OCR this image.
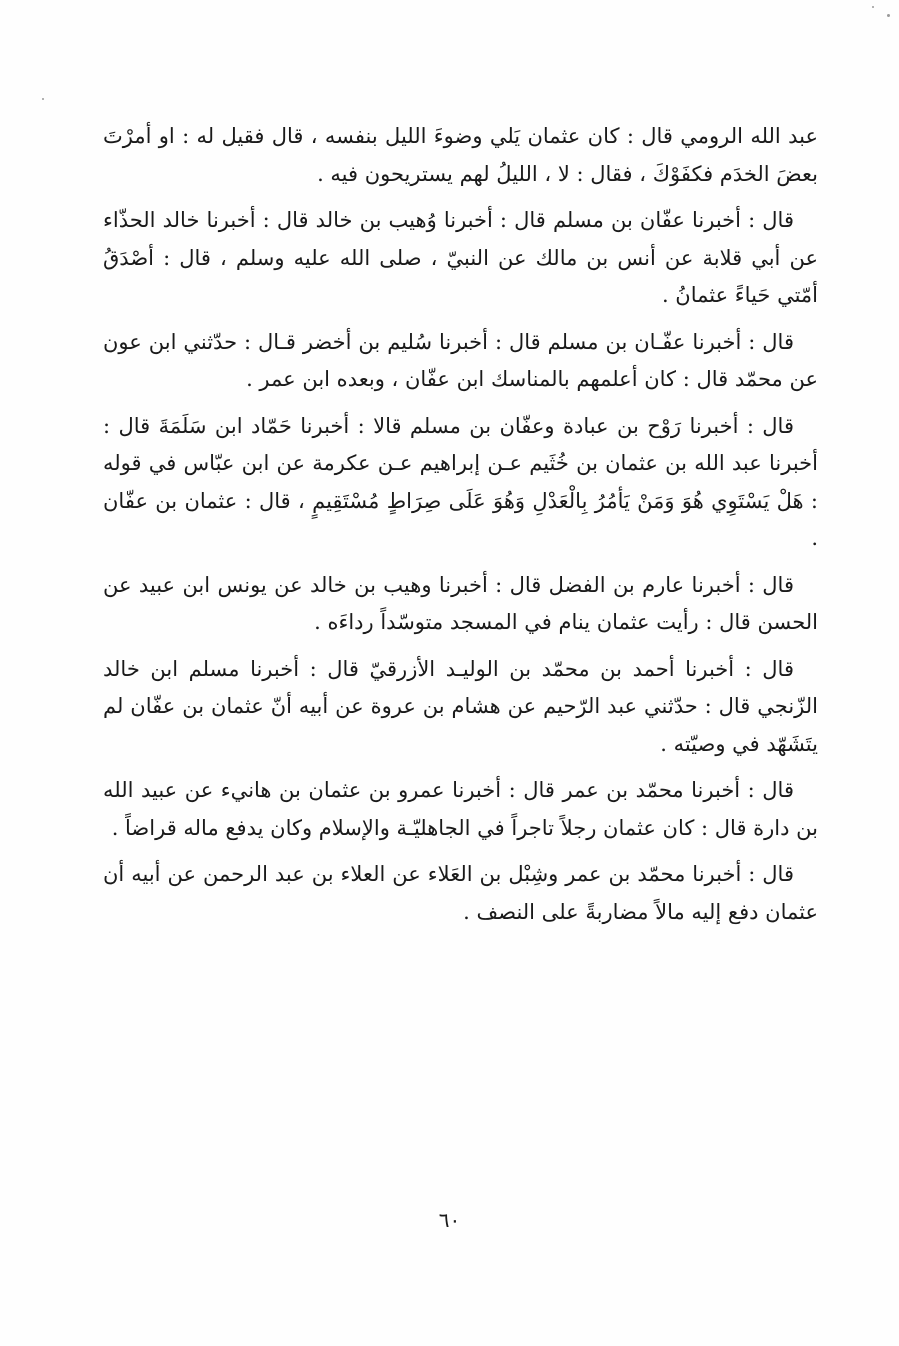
عبد الله الرومي قال : كان عثمان يَلي وضوءَ الليل بنفسه ، قال فقيل له : او أمرْتَ بعضَ الخدَم فكفَوْكَ ، فقال : لا ، الليلُ لهم يستريحون فيه .

قال : أخبرنا عفّان بن مسلم قال : أخبرنا وُهيب بن خالد قال : أخبرنا خالد الحذّاء عن أبي قلابة عن أنس بن مالك عن النبيّ ، صلى الله عليه وسلم ، قال : أصْدَقُ أمّتي حَياءً عثمانُ .

قال : أخبرنا عفّـان بن مسلم قال : أخبرنا سُليم بن أخضر قـال : حدّثني ابن عون عن محمّد قال : كان أعلمهم بالمناسك ابن عفّان ، وبعده ابن عمر .

قال : أخبرنا رَوْح بن عبادة وعفّان بن مسلم قالا : أخبرنا حَمّاد ابن سَلَمَةَ قال : أخبرنا عبد الله بن عثمان بن خُثَيم عـن إبراهيم عـن عكرمة عن ابن عبّاس في قوله : هَلْ يَسْتَوِي هُوَ وَمَنْ يَأمُرُ بِالْعَدْلِ وَهُوَ عَلَى صِرَاطٍ مُسْتَقِيمٍ ، قال : عثمان بن عفّان .

قال : أخبرنا عارم بن الفضل قال : أخبرنا وهيب بن خالد عن يونس ابن عبيد عن الحسن قال : رأيت عثمان ينام في المسجد متوسّداً رداءَه .

قال : أخبرنا أحمد بن محمّد بن الوليـد الأزرقيّ قال : أخبرنا مسلم ابن خالد الزّنجي قال : حدّثني عبد الرّحيم عن هشام بن عروة عن أبيه أنّ عثمان بن عفّان لم يتَشَهّد في وصيّته .

قال : أخبرنا محمّد بن عمر قال : أخبرنا عمرو بن عثمان بن هانيء عن عبيد الله بن دارة قال : كان عثمان رجلاً تاجراً في الجاهليّـة والإسلام وكان يدفع ماله قراضاً .

قال : أخبرنا محمّد بن عمر وشِبْل بن العَلاء عن العلاء بن عبد الرحمن عن أبيه أن عثمان دفع إليه مالاً مضاربةً على النصف .

٦٠
